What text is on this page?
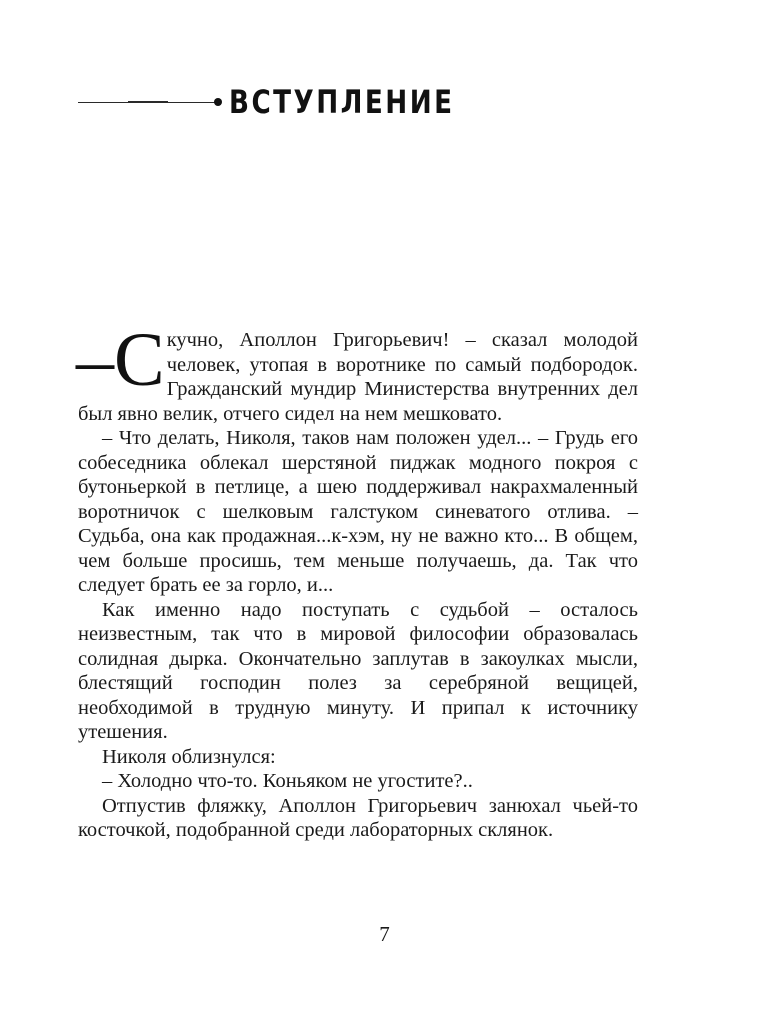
ВСТУПЛЕНИЕ

–С кучно, Аполлон Григорьевич! – сказал молодой человек, утопая в воротнике по самый подбородок. Гражданский мундир Министерства внутренних дел был явно велик, отчего сидел на нем мешковато.

– Что делать, Николя, таков нам положен удел... – Грудь его собеседника облекал шерстяной пиджак модного покроя с бутоньеркой в петлице, а шею поддерживал накрахмаленный воротничок с шелковым галстуком синеватого отлива. – Судьба, она как продажная...к-хэм, ну не важно кто... В общем, чем больше просишь, тем меньше получаешь, да. Так что следует брать ее за горло, и...

Как именно надо поступать с судьбой – осталось неизвестным, так что в мировой философии образовалась солидная дырка. Окончательно заплутав в закоулках мысли, блестящий господин полез за серебряной вещицей, необходимой в трудную минуту. И припал к источнику утешения.

Николя облизнулся:

– Холодно что-то. Коньяком не угостите?..

Отпустив фляжку, Аполлон Григорьевич занюхал чьей-то косточкой, подобранной среди лабораторных склянок.

7
